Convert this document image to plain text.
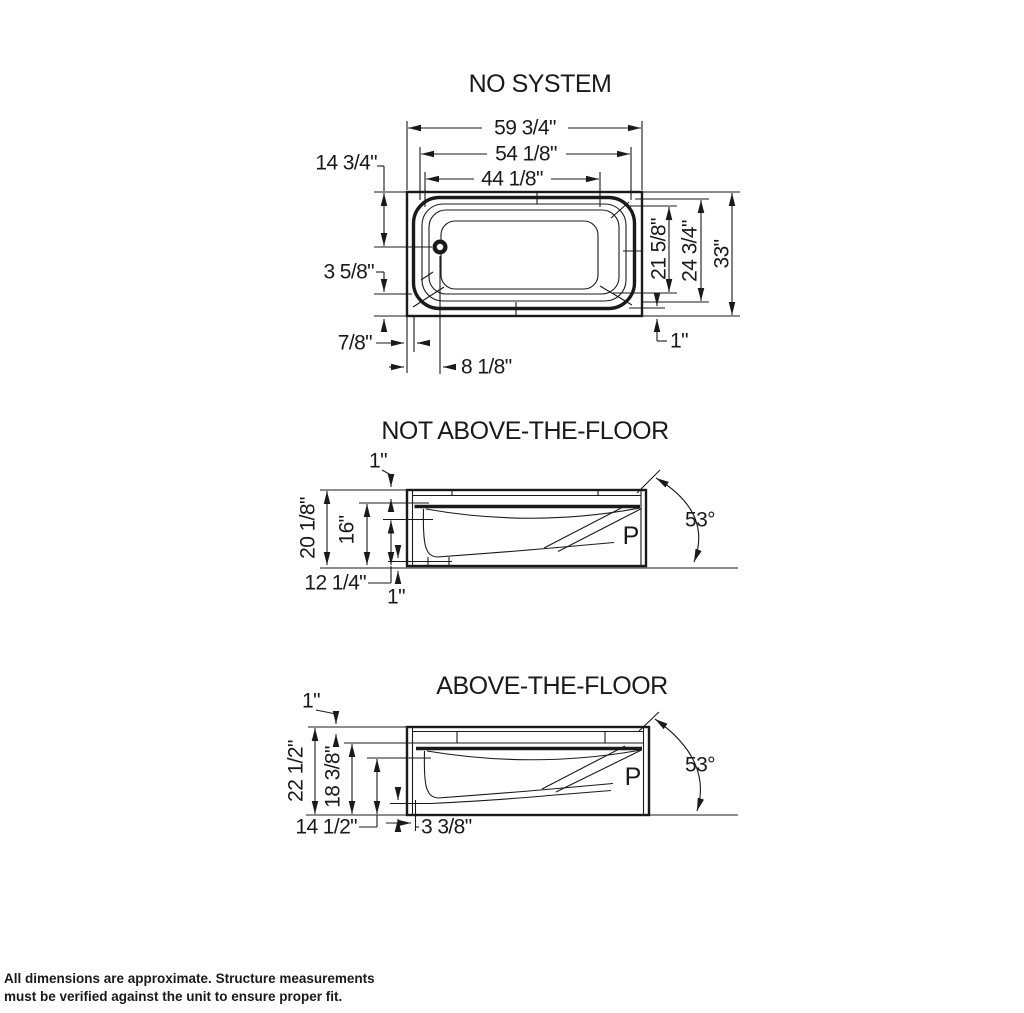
NO SYSTEM
59 3/4"
54 1/8"
44 1/8"
14 3/4"
3 5/8"
7/8"
8 1/8"
21 5/8" 24 3/4" 33"
1"
NOT ABOVE-THE-FLOOR
P
1"
20 1/8" 16"
12 1/4"
1"
53°
ABOVE-THE-FLOOR
P
1"
22 1/2" 18 3/8"
14 1/2"	3 3/8"
53°
All dimensions are approximate. Structure measurements
must be verified against the unit to ensure proper fit.
